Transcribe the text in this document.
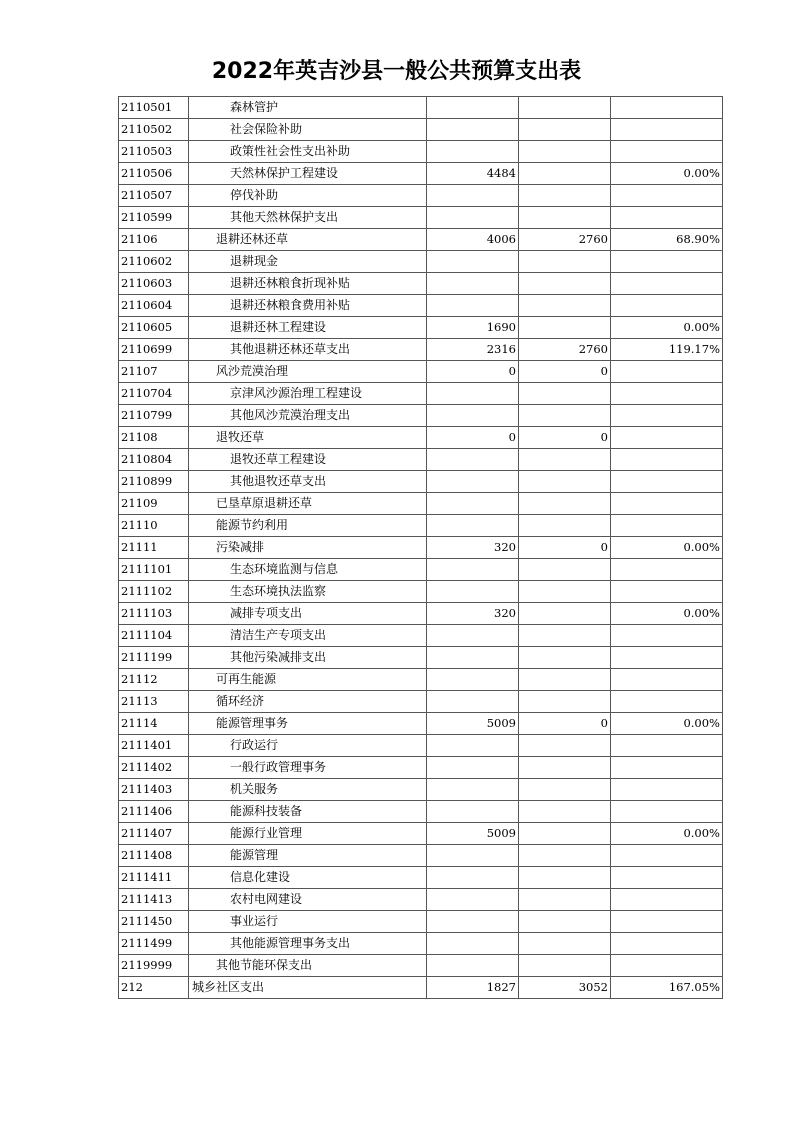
2022年英吉沙县一般公共预算支出表
2110501	森林管护			
2110502	社会保险补助			
2110503	政策性社会性支出补助			
2110506	天然林保护工程建设	4484		0.00%
2110507	停伐补助			
2110599	其他天然林保护支出			
21106	退耕还林还草	4006	2760	68.90%
2110602	退耕现金			
2110603	退耕还林粮食折现补贴			
2110604	退耕还林粮食费用补贴			
2110605	退耕还林工程建设	1690		0.00%
2110699	其他退耕还林还草支出	2316	2760	119.17%
21107	风沙荒漠治理	0	0	
2110704	京津风沙源治理工程建设			
2110799	其他风沙荒漠治理支出			
21108	退牧还草	0	0	
2110804	退牧还草工程建设			
2110899	其他退牧还草支出			
21109	已垦草原退耕还草			
21110	能源节约利用			
21111	污染减排	320	0	0.00%
2111101	生态环境监测与信息			
2111102	生态环境执法监察			
2111103	减排专项支出	320		0.00%
2111104	清洁生产专项支出			
2111199	其他污染减排支出			
21112	可再生能源			
21113	循环经济			
21114	能源管理事务	5009	0	0.00%
2111401	行政运行			
2111402	一般行政管理事务			
2111403	机关服务			
2111406	能源科技装备			
2111407	能源行业管理	5009		0.00%
2111408	能源管理			
2111411	信息化建设			
2111413	农村电网建设			
2111450	事业运行			
2111499	其他能源管理事务支出			
2119999	其他节能环保支出			
212	城乡社区支出	1827	3052	167.05%
